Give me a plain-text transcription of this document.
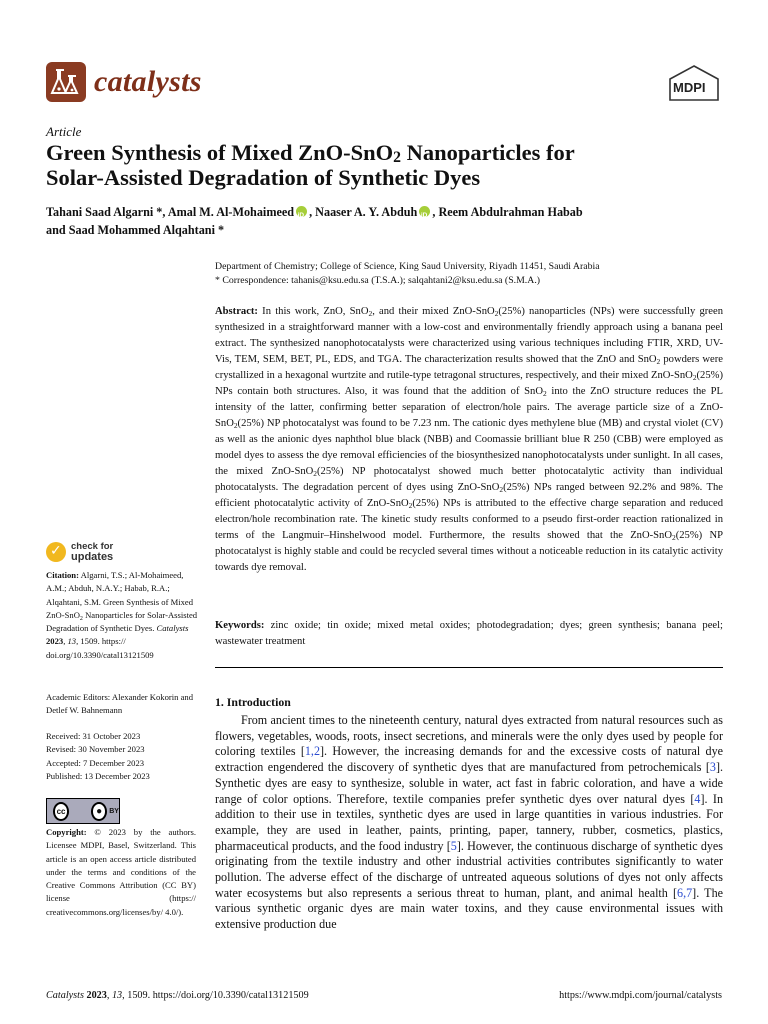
catalysts	MDPI
Article
Green Synthesis of Mixed ZnO-SnO$_2$ Nanoparticles for
Solar-Assisted Degradation of Synthetic Dyes
Tahani Saad Algarni *, Amal M. Al-Mohaimeed iD , Naaser A. Y. Abduh iD , Reem Abdulrahman Habab
and Saad Mohammed Alqahtani *
Department of Chemistry; College of Science, King Saud University, Riyadh 11451, Saudi Arabia
* Correspondence: tahanis@ksu.edu.sa (T.S.A.); salqahtani2@ksu.edu.sa (S.M.A.)
Abstract: In this work, ZnO, SnO$_2$, and their mixed ZnO-SnO$_2$(25%) nanoparticles (NPs) were successfully green synthesized in a straightforward manner with a low-cost and environmentally friendly approach using a banana peel extract. The synthesized nanophotocatalysts were characterized using various techniques including FTIR, XRD, UV-Vis, TEM, SEM, BET, PL, EDS, and TGA. The characterization results showed that the ZnO and SnO$_2$ powders were crystallized in a hexagonal wurtzite and rutile-type tetragonal structures, respectively, and their mixed ZnO-SnO$_2$(25%) NPs contain both structures. Also, it was found that the addition of SnO$_2$ into the ZnO structure reduces the PL intensity of the latter, confirming better separation of electron/hole pairs. The average particle size of a ZnO-SnO$_2$(25%) NP photocatalyst was found to be 7.23 nm. The cationic dyes methylene blue (MB) and crystal violet (CV) as well as the anionic dyes naphthol blue black (NBB) and Coomassie brilliant blue R 250 (CBB) were employed as model dyes to assess the dye removal efficiencies of the biosynthesized nanophotocatalysts under sunlight. In all cases, the mixed ZnO-SnO$_2$(25%) NP photocatalyst showed much better photocatalytic activity than individual photocatalysts. The degradation percent of dyes using ZnO-SnO$_2$(25%) NPs ranged between 92.2% and 98%. The efficient photocatalytic activity of ZnO-SnO$_2$(25%) NPs is attributed to the effective charge separation and reduced electron/hole recombination rate. The kinetic study results conformed to a pseudo first-order reaction rationalized in terms of the Langmuir–Hinshelwood model. Furthermore, the results showed that the ZnO-SnO$_2$(25%) NP photocatalyst is highly stable and could be recycled several times without a noticeable reduction in its catalytic activity towards dye removal.
Keywords: zinc oxide; tin oxide; mixed metal oxides; photodegradation; dyes; green synthesis; banana peel; wastewater treatment
1. Introduction
From ancient times to the nineteenth century, natural dyes extracted from natural resources such as flowers, vegetables, woods, roots, insect secretions, and minerals were the only dyes used by people for coloring textiles [1,2]. However, the increasing demands for and the excessive costs of natural dye extraction engendered the discovery of synthetic dyes that are manufactured from petrochemicals [3]. Synthetic dyes are easy to synthesize, soluble in water, act fast in fabric coloration, and have a wide range of color options. Therefore, textile companies prefer synthetic dyes over natural dyes [4]. In addition to their use in textiles, synthetic dyes are used in large quantities in various industries. For example, they are used in leather, paints, printing, paper, tannery, rubber, cosmetics, plastics, pharmaceutical products, and the food industry [5]. However, the continuous discharge of synthetic dyes originating from the textile industry and other industrial activities contributes significantly to water pollution. The adverse effect of the discharge of untreated aqueous solutions of dyes not only affects water ecosystems but also represents a serious threat to human, plant, and animal health [6,7]. The various synthetic organic dyes are main water toxins, and they cause environmental issues with extensive production due
✓
check for
updates
Citation: Algarni, T.S.; Al-Mohaimeed, A.M.; Abduh, N.A.Y.; Habab, R.A.; Alqahtani, S.M. Green Synthesis of Mixed ZnO-SnO$_2$ Nanoparticles for Solar-Assisted Degradation of Synthetic Dyes. Catalysts 2023, 13, 1509. https://
doi.org/10.3390/catal13121509
Academic Editors: Alexander Kokorin and Detlef W. Bahnemann
Received: 31 October 2023
Revised: 30 November 2023
Accepted: 7 December 2023
Published: 13 December 2023
cc	●	BY
Copyright: © 2023 by the authors. Licensee MDPI, Basel, Switzerland. This article is an open access article distributed under the terms and conditions of the Creative Commons Attribution (CC BY) license (https:// creativecommons.org/licenses/by/ 4.0/).
Catalysts 2023, 13, 1509. https://doi.org/10.3390/catal13121509	https://www.mdpi.com/journal/catalysts
